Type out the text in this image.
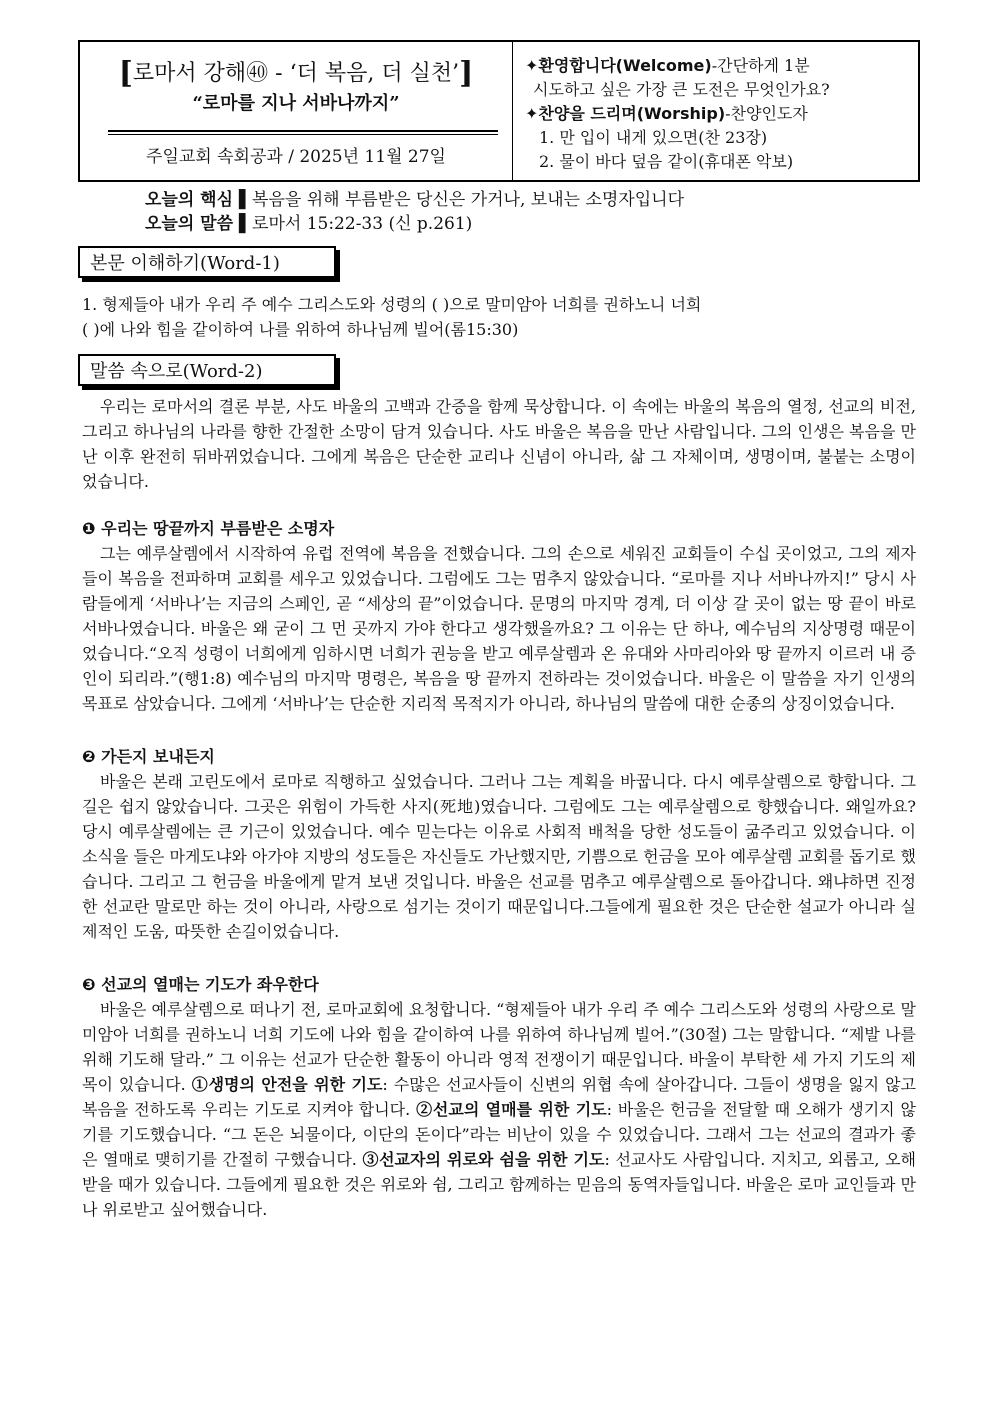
[로마서 강해㊵ - ‘더 복음, 더 실천’]
“로마를 지나 서바나까지”
주일교회 속회공과 / 2025년 11월 27일
✦환영합니다(Welcome)-간단하게 1분
시도하고 싶은 가장 큰 도전은 무엇인가요?
✦찬양을 드리며(Worship)-찬양인도자
1. 만 입이 내게 있으면(찬 23장)
2. 물이 바다 덮음 같이(휴대폰 악보)
오늘의 핵심 ▌복음을 위해 부름받은 당신은 가거나, 보내는 소명자입니다
오늘의 말씀 ▌로마서 15:22-33 (신 p.261)
본문 이해하기(Word-1)
1. 형제들아 내가 우리 주 예수 그리스도와 성령의 ( )으로 말미암아 너희를 권하노니 너희
( )에 나와 힘을 같이하여 나를 위하여 하나님께 빌어(롬15:30)
말씀 속으로(Word-2)
우리는 로마서의 결론 부분, 사도 바울의 고백과 간증을 함께 묵상합니다. 이 속에는 바울의 복음의 열정, 선교의 비전, 그리고 하나님의 나라를 향한 간절한 소망이 담겨 있습니다. 사도 바울은 복음을 만난 사람입니다. 그의 인생은 복음을 만난 이후 완전히 뒤바뀌었습니다. 그에게 복음은 단순한 교리나 신념이 아니라, 삶 그 자체이며, 생명이며, 불붙는 소명이었습니다.
❶ 우리는 땅끝까지 부름받은 소명자
그는 예루살렘에서 시작하여 유럽 전역에 복음을 전했습니다. 그의 손으로 세워진 교회들이 수십 곳이었고, 그의 제자들이 복음을 전파하며 교회를 세우고 있었습니다. 그럼에도 그는 멈추지 않았습니다. “로마를 지나 서바나까지!” 당시 사람들에게 ‘서바나’는 지금의 스페인, 곧 “세상의 끝”이었습니다. 문명의 마지막 경계, 더 이상 갈 곳이 없는 땅 끝이 바로 서바나였습니다. 바울은 왜 굳이 그 먼 곳까지 가야 한다고 생각했을까요? 그 이유는 단 하나, 예수님의 지상명령 때문이었습니다.“오직 성령이 너희에게 임하시면 너희가 권능을 받고 예루살렘과 온 유대와 사마리아와 땅 끝까지 이르러 내 증인이 되리라.”(행1:8) 예수님의 마지막 명령은, 복음을 땅 끝까지 전하라는 것이었습니다. 바울은 이 말씀을 자기 인생의 목표로 삼았습니다. 그에게 ‘서바나’는 단순한 지리적 목적지가 아니라, 하나님의 말씀에 대한 순종의 상징이었습니다.
❷ 가든지 보내든지
바울은 본래 고린도에서 로마로 직행하고 싶었습니다. 그러나 그는 계획을 바꿉니다. 다시 예루살렘으로 향합니다. 그 길은 쉽지 않았습니다. 그곳은 위험이 가득한 사지(死地)였습니다. 그럼에도 그는 예루살렘으로 향했습니다. 왜일까요? 당시 예루살렘에는 큰 기근이 있었습니다. 예수 믿는다는 이유로 사회적 배척을 당한 성도들이 굶주리고 있었습니다. 이 소식을 들은 마게도냐와 아가야 지방의 성도들은 자신들도 가난했지만, 기쁨으로 헌금을 모아 예루살렘 교회를 돕기로 했습니다. 그리고 그 헌금을 바울에게 맡겨 보낸 것입니다. 바울은 선교를 멈추고 예루살렘으로 돌아갑니다. 왜냐하면 진정한 선교란 말로만 하는 것이 아니라, 사랑으로 섬기는 것이기 때문입니다.그들에게 필요한 것은 단순한 설교가 아니라 실제적인 도움, 따뜻한 손길이었습니다.
❸ 선교의 열매는 기도가 좌우한다
바울은 예루살렘으로 떠나기 전, 로마교회에 요청합니다. “형제들아 내가 우리 주 예수 그리스도와 성령의 사랑으로 말미암아 너희를 권하노니 너희 기도에 나와 힘을 같이하여 나를 위하여 하나님께 빌어.”(30절) 그는 말합니다. “제발 나를 위해 기도해 달라.” 그 이유는 선교가 단순한 활동이 아니라 영적 전쟁이기 때문입니다. 바울이 부탁한 세 가지 기도의 제목이 있습니다. ①생명의 안전을 위한 기도: 수많은 선교사들이 신변의 위협 속에 살아갑니다. 그들이 생명을 잃지 않고 복음을 전하도록 우리는 기도로 지켜야 합니다. ②선교의 열매를 위한 기도: 바울은 헌금을 전달할 때 오해가 생기지 않기를 기도했습니다. “그 돈은 뇌물이다, 이단의 돈이다”라는 비난이 있을 수 있었습니다. 그래서 그는 선교의 결과가 좋은 열매로 맺히기를 간절히 구했습니다. ③선교자의 위로와 쉼을 위한 기도: 선교사도 사람입니다. 지치고, 외롭고, 오해받을 때가 있습니다. 그들에게 필요한 것은 위로와 쉼, 그리고 함께하는 믿음의 동역자들입니다. 바울은 로마 교인들과 만나 위로받고 싶어했습니다.
